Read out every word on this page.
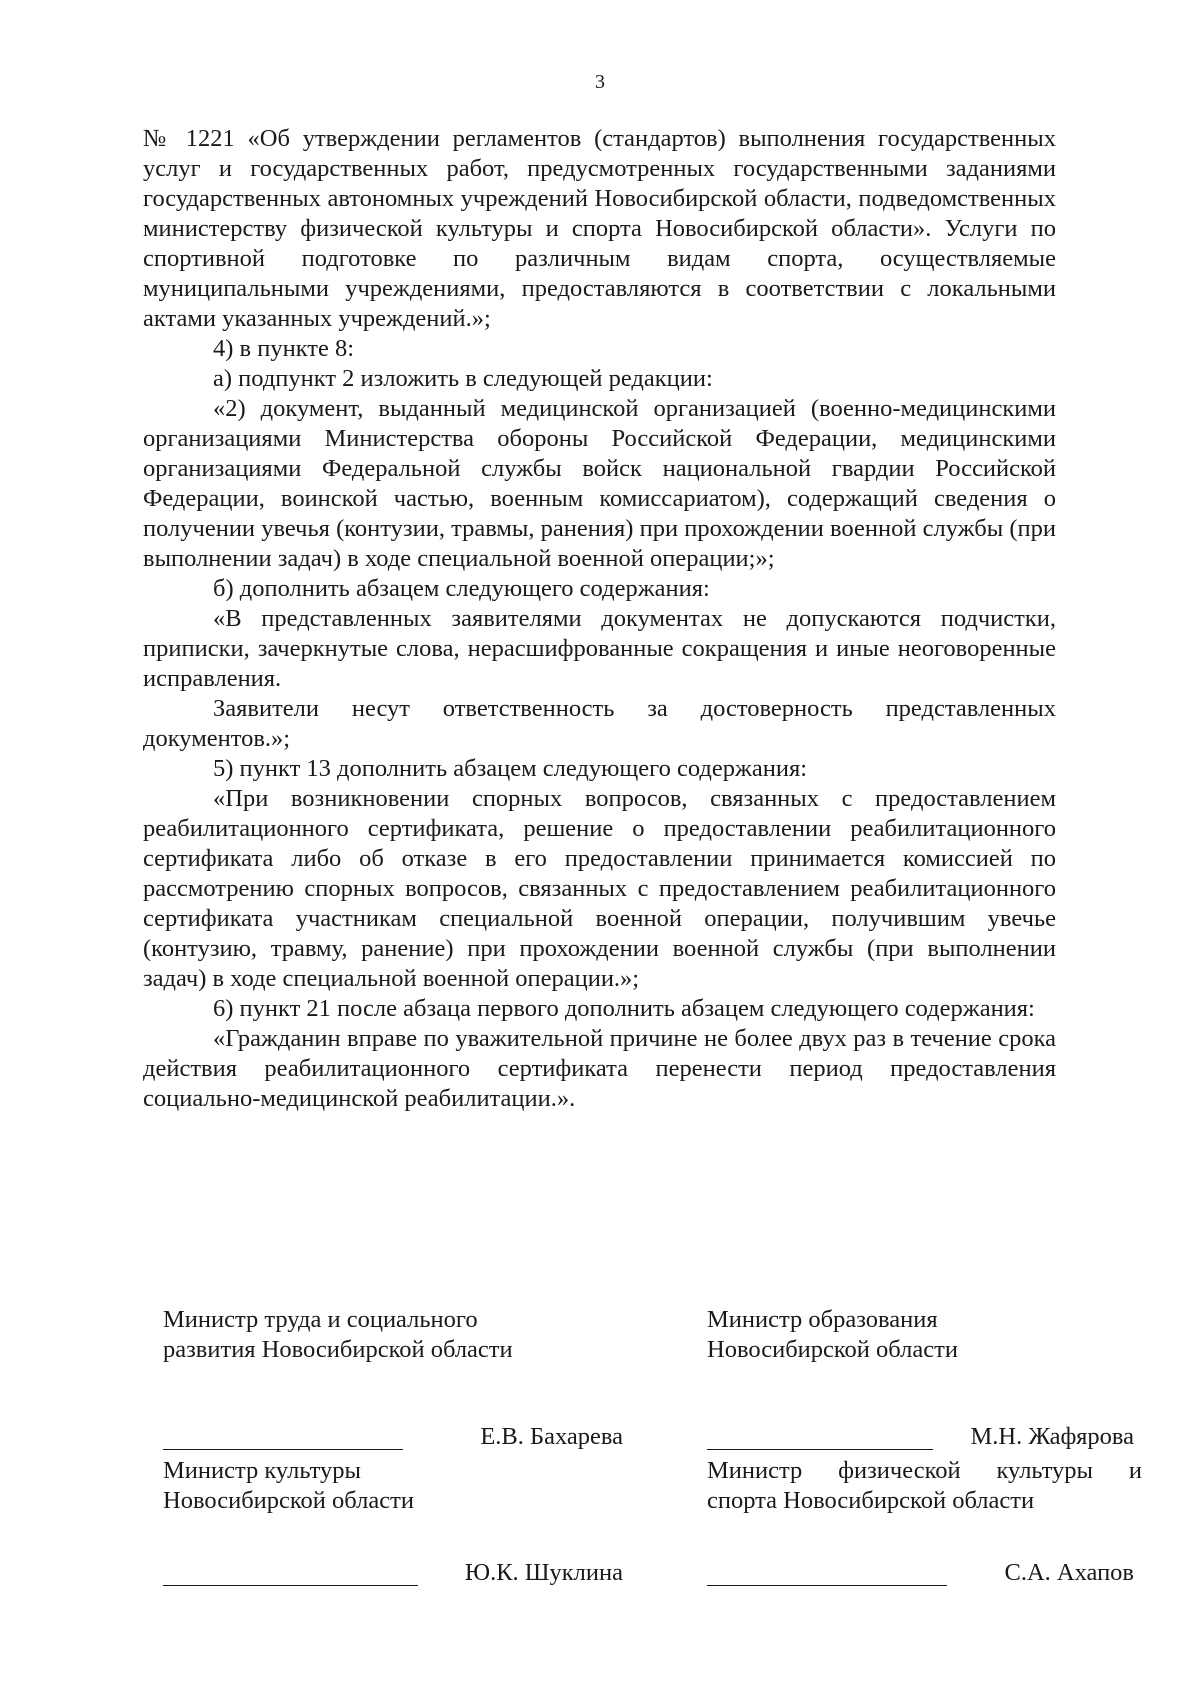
3

№ 1221 «Об утверждении регламентов (стандартов) выполнения государственных услуг и государственных работ, предусмотренных государственными заданиями государственных автономных учреждений Новосибирской области, подведомственных министерству физической культуры и спорта Новосибирской области». Услуги по спортивной подготовке по различным видам спорта, осуществляемые муниципальными учреждениями, предоставляются в соответствии с локальными актами указанных учреждений.»;

4) в пункте 8:

а) подпункт 2 изложить в следующей редакции:

«2) документ, выданный медицинской организацией (военно-медицинскими организациями Министерства обороны Российской Федерации, медицинскими организациями Федеральной службы войск национальной гвардии Российской Федерации, воинской частью, военным комиссариатом), содержащий сведения о получении увечья (контузии, травмы, ранения) при прохождении военной службы (при выполнении задач) в ходе специальной военной операции;»;

б) дополнить абзацем следующего содержания:

«В представленных заявителями документах не допускаются подчистки, приписки, зачеркнутые слова, нерасшифрованные сокращения и иные неоговоренные исправления.

Заявители несут ответственность за достоверность представленных документов.»;

5) пункт 13 дополнить абзацем следующего содержания:

«При возникновении спорных вопросов, связанных с предоставлением реабилитационного сертификата, решение о предоставлении реабилитационного сертификата либо об отказе в его предоставлении принимается комиссией по рассмотрению спорных вопросов, связанных с предоставлением реабилитационного сертификата участникам специальной военной операции, получившим увечье (контузию, травму, ранение) при прохождении военной службы (при выполнении задач) в ходе специальной военной операции.»;

6) пункт 21 после абзаца первого дополнить абзацем следующего содержания:

«Гражданин вправе по уважительной причине не более двух раз в течение срока действия реабилитационного сертификата перенести период предоставления социально-медицинской реабилитации.».

Министр труда и социального
развития Новосибирской области

Е.В. Бахарева

Министр образования
Новосибирской области

М.Н. Жафярова

Министр культуры
Новосибирской области

Ю.К. Шуклина

Министр физической культуры и
спорта Новосибирской области

С.А. Ахапов
